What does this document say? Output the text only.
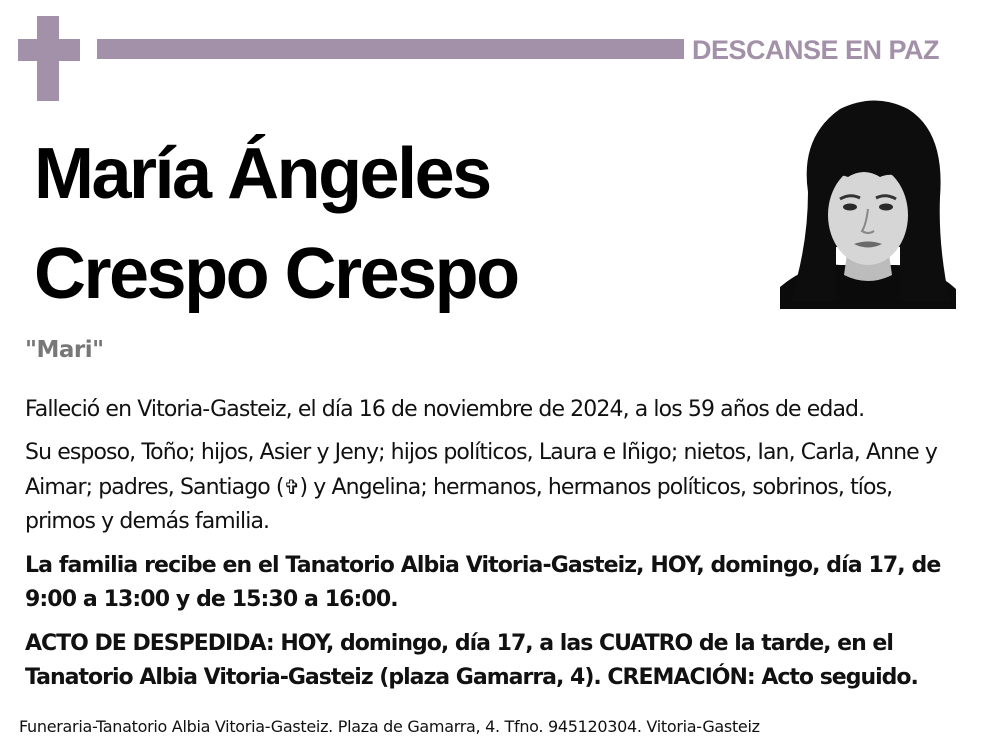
DESCANSE EN PAZ
María Ángeles
Crespo Crespo
"Mari"
Falleció en Vitoria-Gasteiz, el día 16 de noviembre de 2024, a los 59 años de edad.
Su esposo, Toño; hijos, Asier y Jeny; hijos políticos, Laura e Iñigo; nietos, Ian, Carla, Anne y Aimar; padres, Santiago (✞) y Angelina; hermanos, hermanos políticos, sobrinos, tíos, primos y demás familia.
La familia recibe en el Tanatorio Albia Vitoria-Gasteiz, HOY, domingo, día 17, de 9:00 a 13:00 y de 15:30 a 16:00.
ACTO DE DESPEDIDA: HOY, domingo, día 17, a las CUATRO de la tarde, en el Tanatorio Albia Vitoria-Gasteiz (plaza Gamarra, 4). CREMACIÓN: Acto seguido.
Funeraria-Tanatorio Albia Vitoria-Gasteiz. Plaza de Gamarra, 4. Tfno. 945120304. Vitoria-Gasteiz
